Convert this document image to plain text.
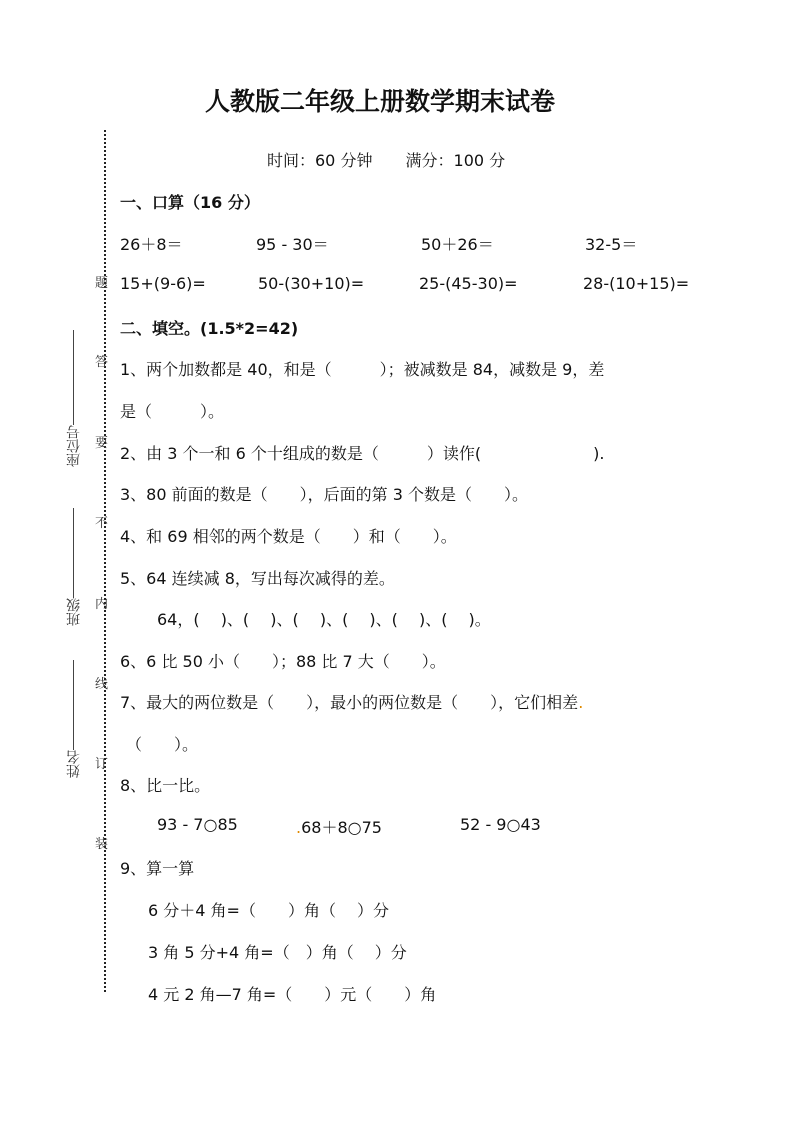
题
答
要
不
内
线
订
装
座位号
班级
姓名
人教版二年级上册数学期末试卷
时间：60 分钟 满分：100 分
一、口算（16 分）
26＋8＝	95 - 30＝	50＋26＝	32-5＝
15+(9-6)=	50-(30+10)=	25-(45-30)=	28-(10+15)=
二、填空。(1.5*2=42)
1、两个加数都是 40，和是（　　　）；被减数是 84，减数是 9，差
是（　　　）。
2、由 3 个一和 6 个十组成的数是（　　　）读作(　　　　　　　).
3、80 前面的数是（　　），后面的第 3 个数是（　　）。
4、和 69 相邻的两个数是（　　）和（　　）。
5、64 连续减 8，写出每次减得的差。
64，(　 )、(　 )、(　 )、(　 )、(　 )、(　 )。
6、6 比 50 小（　　）；88 比 7 大（　　）。
7、最大的两位数是（　　），最小的两位数是（　　），它们相差.
（　　）。
8、比一比。
93 - 7○85	.68＋8○75	52 - 9○43
9、算一算
6 分＋4 角=（　　）角（　 ）分
3 角 5 分+4 角=（　）角（　 ）分
4 元 2 角—7 角=（　　）元（　　）角
